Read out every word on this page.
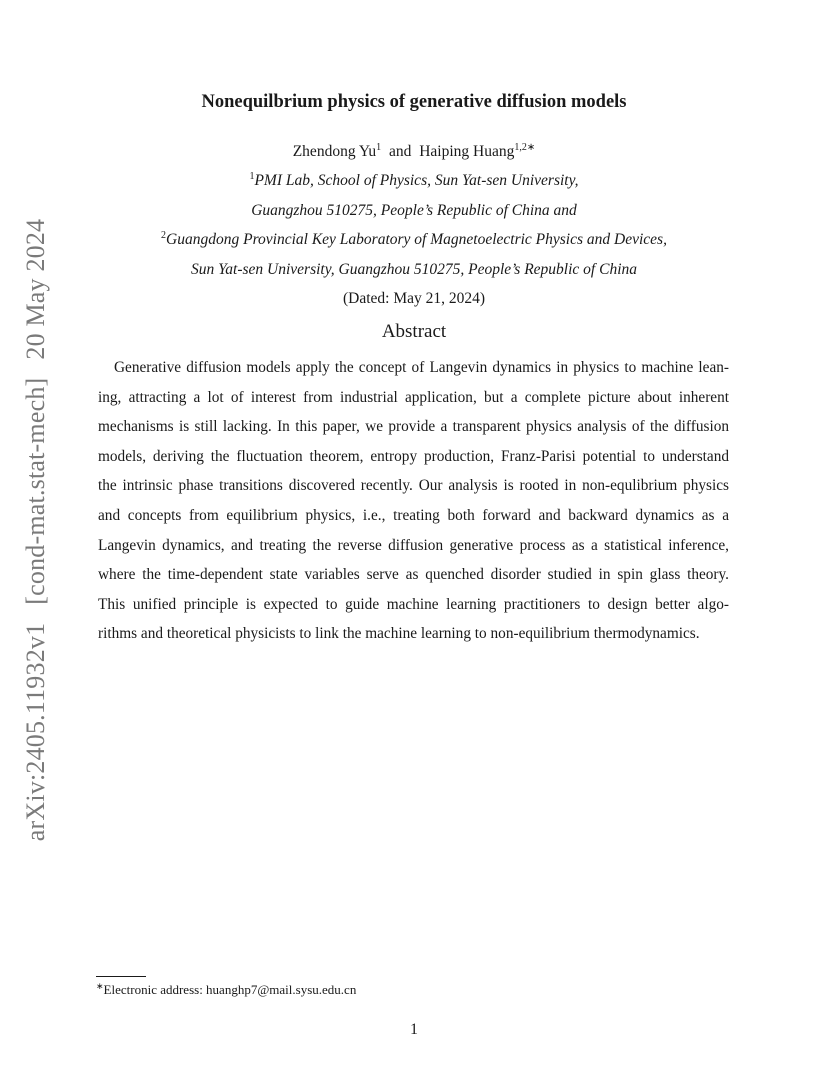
arXiv:2405.11932v1[cond-mat.stat-mech]20 May 2024
Nonequilbrium physics of generative diffusion models
Zhendong Yu$^1$ and Haiping Huang$^{1,2∗}$
$^1$PMI Lab, School of Physics, Sun Yat-sen University,
Guangzhou 510275, People’s Republic of China and
$^2$Guangdong Provincial Key Laboratory of Magnetoelectric Physics and Devices,
Sun Yat-sen University, Guangzhou 510275, People’s Republic of China
(Dated: May 21, 2024)
Abstract
Generative diffusion models apply the concept of Langevin dynamics in physics to machine lean-
ing, attracting a lot of interest from industrial application, but a complete picture about inherent
mechanisms is still lacking. In this paper, we provide a transparent physics analysis of the diffusion
models, deriving the fluctuation theorem, entropy production, Franz-Parisi potential to understand
the intrinsic phase transitions discovered recently. Our analysis is rooted in non-equlibrium physics
and concepts from equilibrium physics, i.e., treating both forward and backward dynamics as a
Langevin dynamics, and treating the reverse diffusion generative process as a statistical inference,
where the time-dependent state variables serve as quenched disorder studied in spin glass theory.
This unified principle is expected to guide machine learning practitioners to design better algo-
rithms and theoretical physicists to link the machine learning to non-equilibrium thermodynamics.
∗Electronic address: huanghp7@mail.sysu.edu.cn
1
